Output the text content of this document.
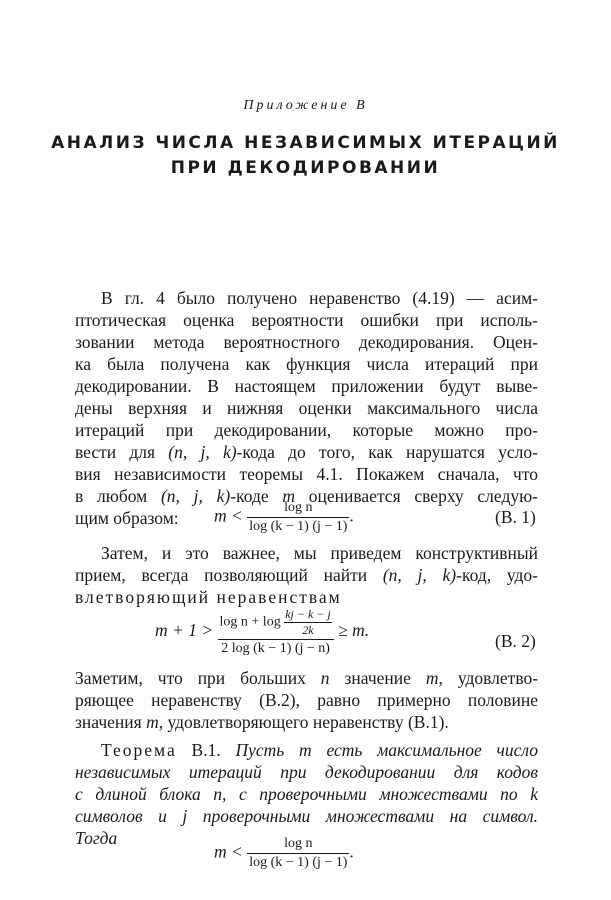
Приложение В
АНАЛИЗ ЧИСЛА НЕЗАВИСИМЫХ ИТЕРАЦИЙ
ПРИ ДЕКОДИРОВАНИИ
В гл. 4 было получено неравенство (4.19) — асим-
птотическая оценка вероятности ошибки при исполь-
зовании метода вероятностного декодирования. Оцен-
ка была получена как функция числа итераций при
декодировании. В настоящем приложении будут выве-
дены верхняя и нижняя оценки максимального числа
итераций при декодировании, которые можно про-
вести для (n, j, k)-кода до того, как нарушатся усло-
вия независимости теоремы 4.1. Покажем сначала, что
в любом (n, j, k)-коде m оценивается сверху следую-
щим образом:	$m < \frac{\text{log n}}{\log (k - 1) (j - 1)}$ .	(В. 1)
Затем, и это важнее, мы приведем конструктивный
прием, всегда позволяющий найти (n, j, k)-код, удо-
влетворяющий неравенствам
$m + 1 > \frac{\log n + \log \frac{kj - k - j}{2k}}{2 \log (k - 1) (j - n)} \ge m$.
(В. 2)
Заметим, что при больших n значение m, удовлетво-
ряющее неравенству (В.2), равно примерно половине
значения m, удовлетворяющего неравенству (В.1).
Теорема В.1. Пусть m есть максимальное число
независимых итераций при декодировании для кодов
с длиной блока n, с проверочными множествами по k
символов и j проверочными множествами на символ.
Тогда
$m < \frac{\text{log n}}{\log (k - 1) (j - 1)}$ .
